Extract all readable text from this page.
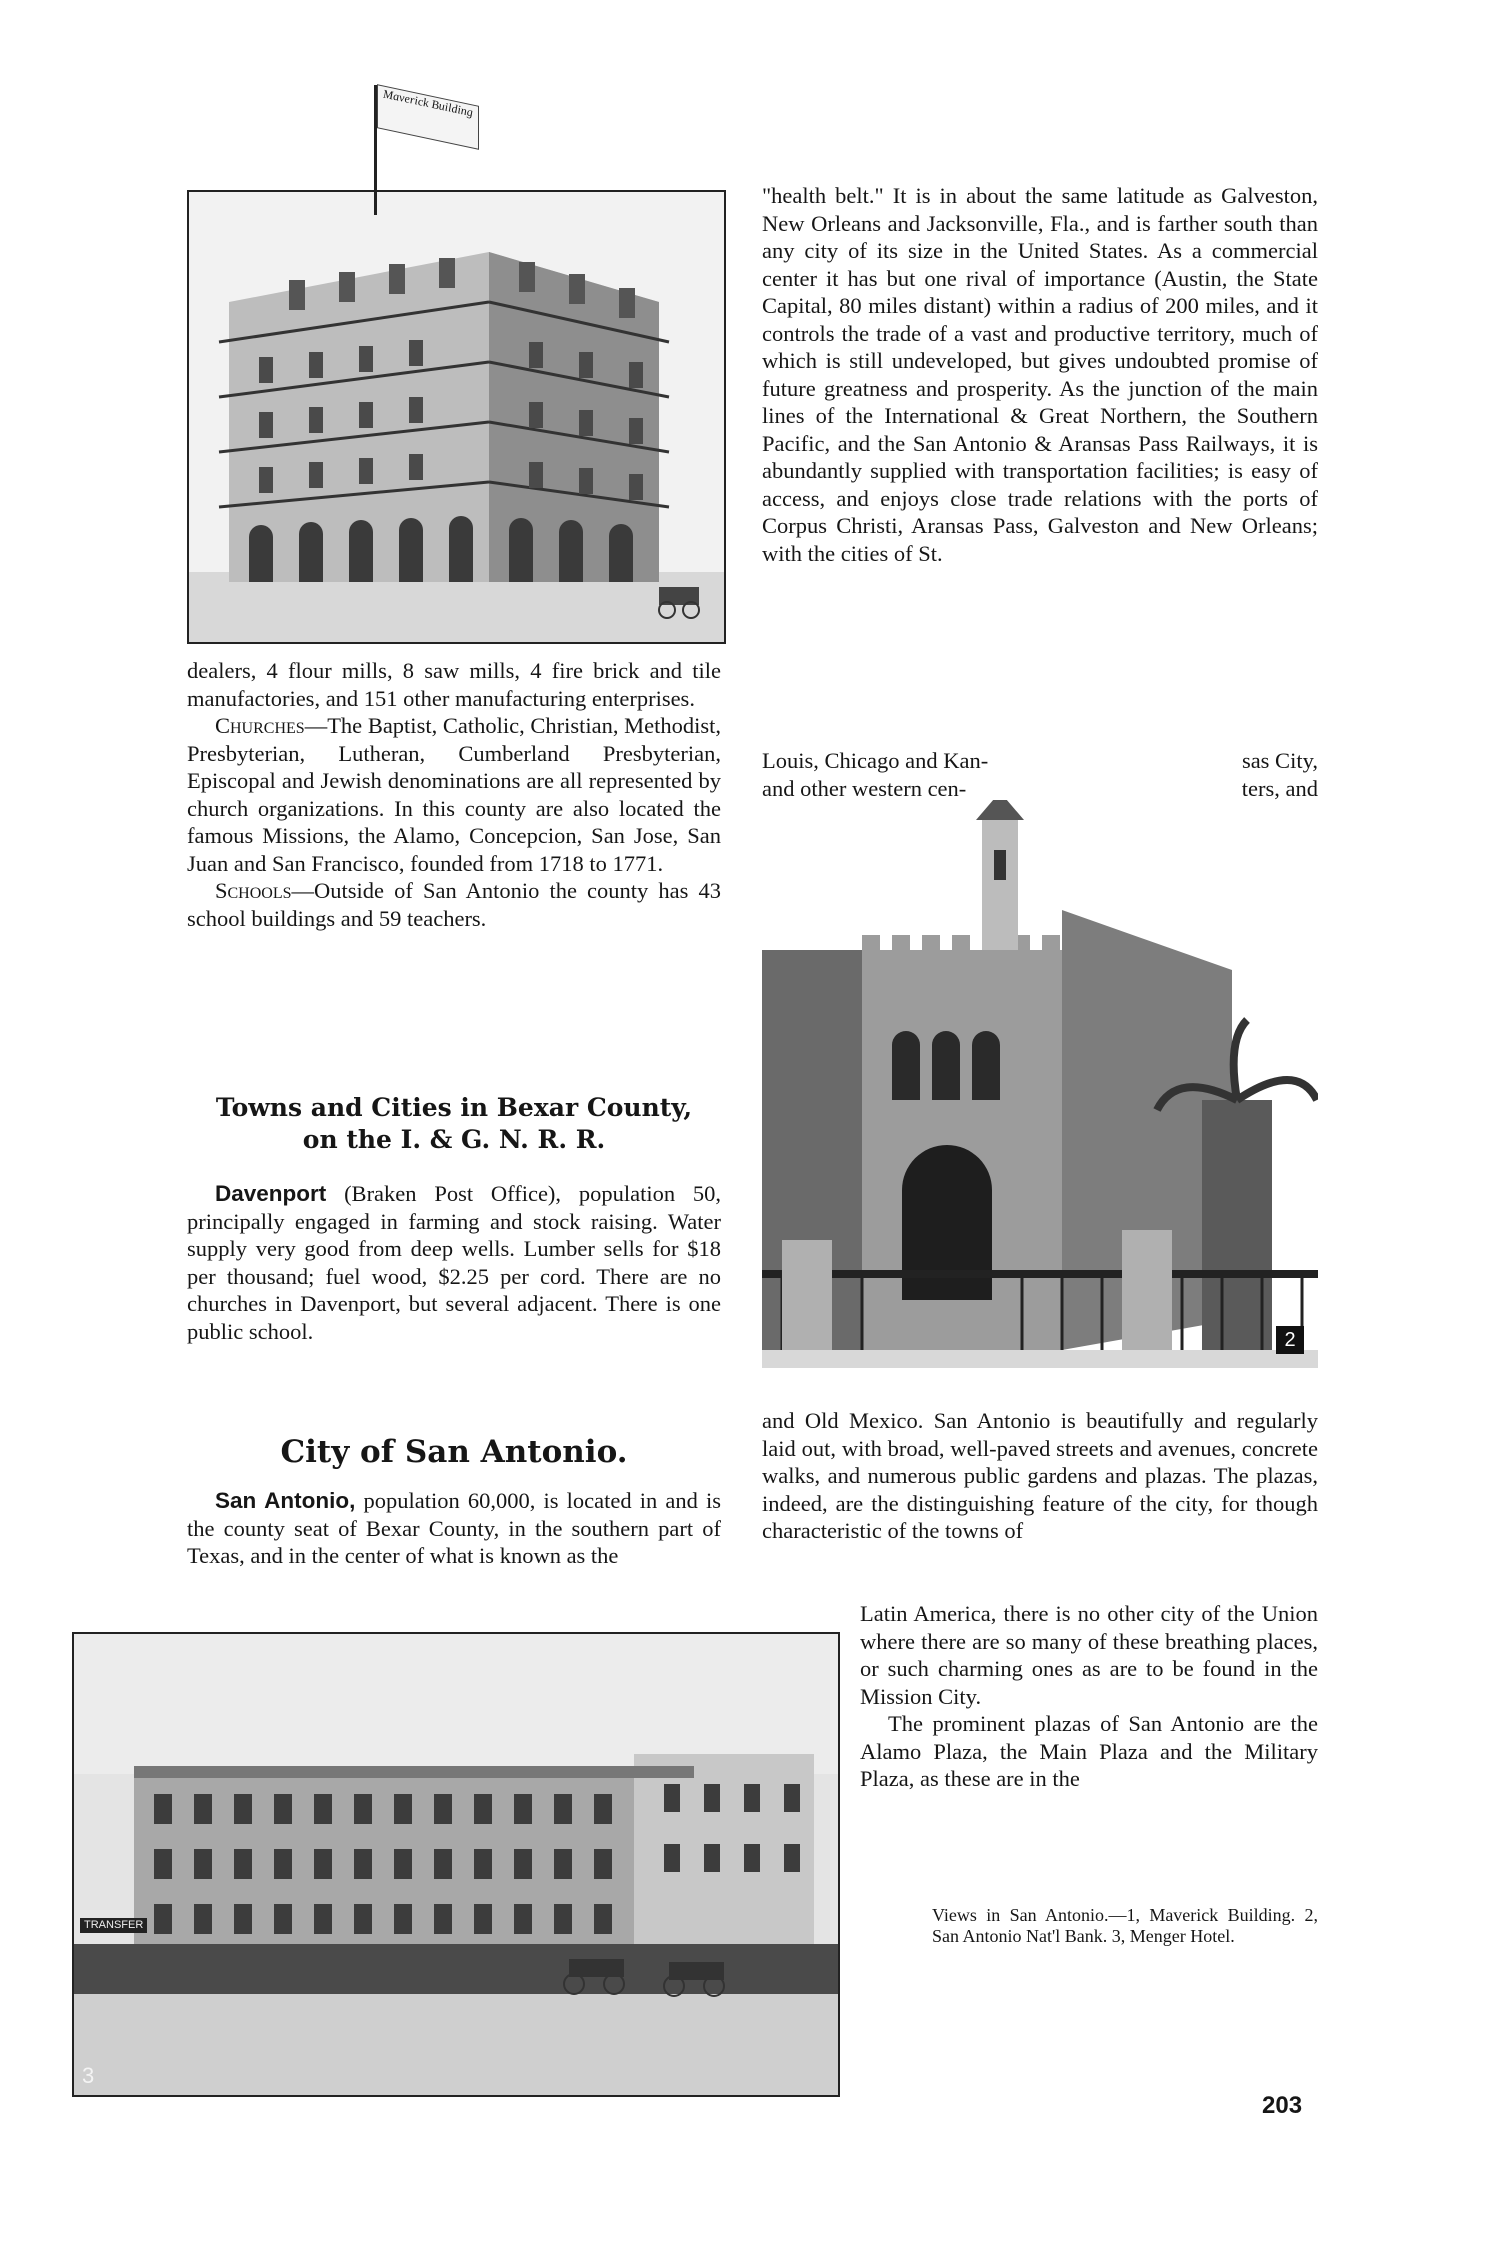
Maverick Building

dealers, 4 flour mills, 8 saw mills, 4 fire brick and tile manufactories, and 151 other manufacturing enterprises.

Churches—The Baptist, Catholic, Christian, Methodist, Presbyterian, Lutheran, Cumberland Presbyterian, Episcopal and Jewish denominations are all represented by church organizations. In this county are also located the famous Missions, the Alamo, Concepcion, San Jose, San Juan and San Francisco, founded from 1718 to 1771.

Schools—Outside of San Antonio the county has 43 school buildings and 59 teachers.

Towns and Cities in Bexar County,
on the I. & G. N. R. R.

Davenport (Braken Post Office), population 50, principally engaged in farming and stock raising. Water supply very good from deep wells. Lumber sells for $18 per thousand; fuel wood, $2.25 per cord. There are no churches in Davenport, but several adjacent. There is one public school.

City of San Antonio.

San Antonio, population 60,000, is located in and is the county seat of Bexar County, in the southern part of Texas, and in the center of what is known as the

"health belt." It is in about the same latitude as Galveston, New Orleans and Jacksonville, Fla., and is farther south than any city of its size in the United States. As a commercial center it has but one rival of importance (Austin, the State Capital, 80 miles distant) within a radius of 200 miles, and it controls the trade of a vast and productive territory, much of which is still undeveloped, but gives undoubted promise of future greatness and prosperity. As the junction of the main lines of the International & Great Northern, the Southern Pacific, and the San Antonio & Aransas Pass Railways, it is abundantly supplied with transportation facilities; is easy of access, and enjoys close trade relations with the ports of Corpus Christi, Aransas Pass, Galveston and New Orleans; with the cities of St.

Louis, Chicago and Kan-
and other western cen-
sas City,
ters, and
2

and Old Mexico. San Antonio is beautifully and regularly laid out, with broad, well-paved streets and avenues, concrete walks, and numerous public gardens and plazas. The plazas, indeed, are the distinguishing feature of the city, for though characteristic of the towns of

Latin America, there is no other city of the Union where there are so many of these breathing places, or such charming ones as are to be found in the Mission City.

The prominent plazas of San Antonio are the Alamo Plaza, the Main Plaza and the Military Plaza, as these are in the

TRANSFER
3
Views in San Antonio.—1, Maverick Building. 2, San Antonio Nat'l Bank. 3, Menger Hotel.
203
